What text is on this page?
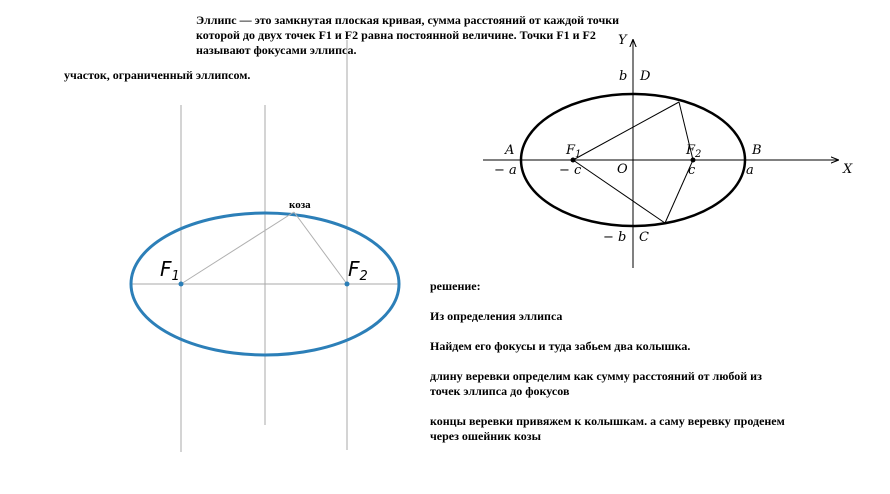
Эллипс — это замкнутая плоская кривая, сумма расстояний от каждой точки
которой до двух точек F1 и F2 равна постоянной величине. Точки F1 и F2
называют фокусами эллипса.
участок, ограниченный эллипсом.
$F_1$	$F_2$
коза
Y
X
b D
− b C
A
− a
B
a
$F_1$	$F_2$
− c	c
O

решение:

Из определения эллипса

Найдем его фокусы и туда забьем два колышка.

длину веревки определим как сумму расстояний от любой из
точек эллипса до фокусов

концы веревки привяжем к колышкам. а саму веревку проденем
через ошейник козы
